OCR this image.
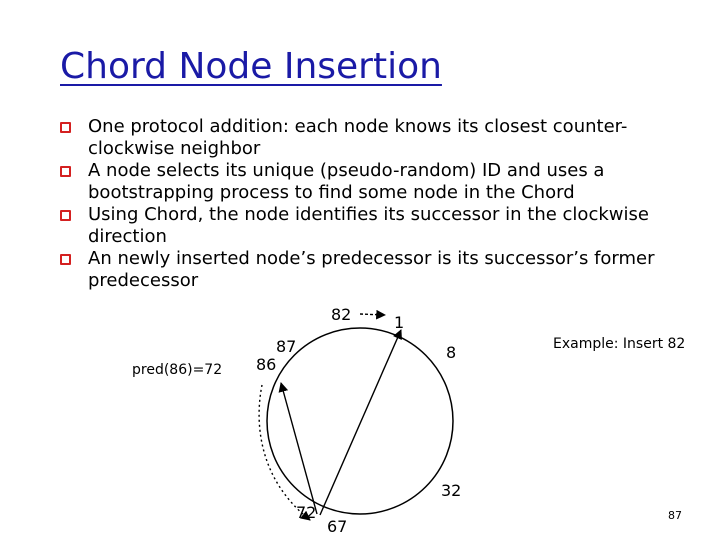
Chord Node Insertion
One protocol addition: each node knows its closest counter-clockwise neighbor
A node selects its unique (pseudo-random) ID and uses a bootstrapping process to find some node in the Chord
Using Chord, the node identifies its successor in the clockwise direction
An newly inserted node’s predecessor is its successor’s former predecessor
82	1
87
86
8
32
72
67
pred(86)=72
Example: Insert 82
87
